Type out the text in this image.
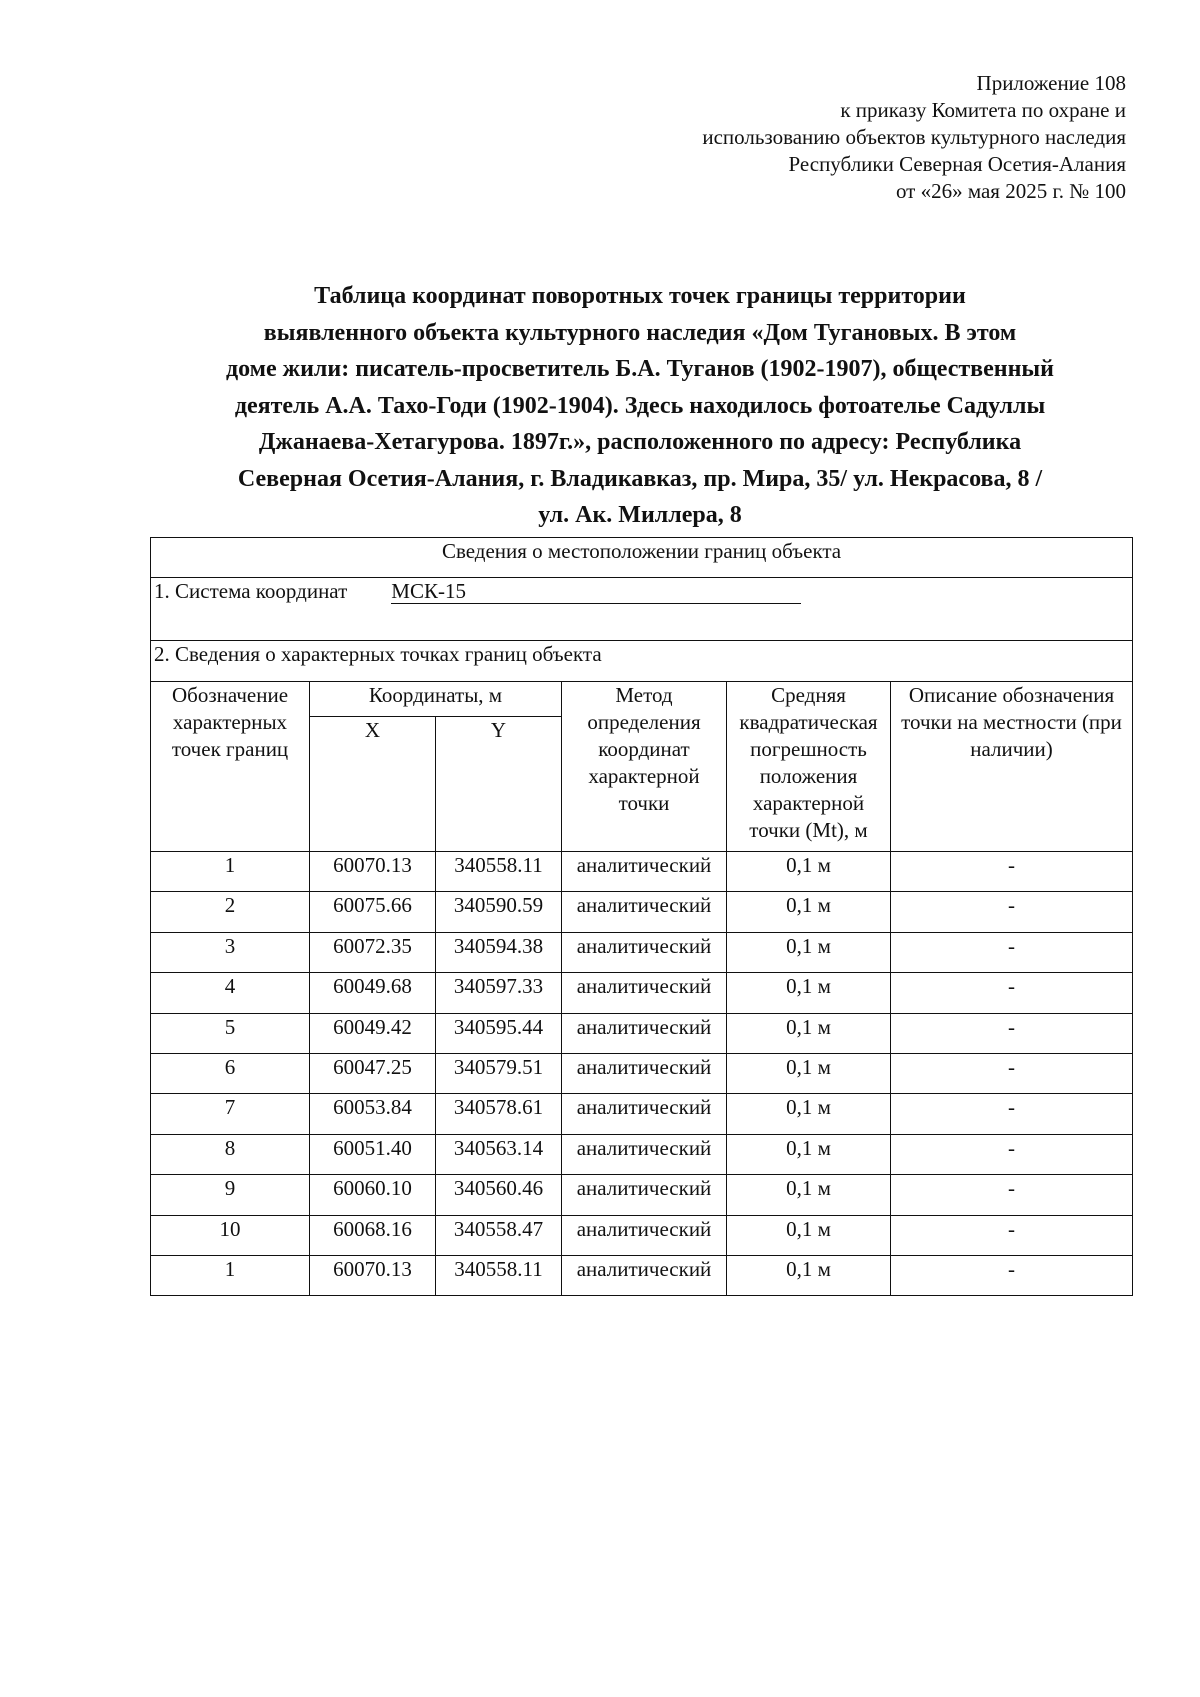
Приложение 108
к приказу Комитета по охране и
использованию объектов культурного наследия
Республики Северная Осетия-Алания
от «26» мая 2025 г. № 100
Таблица координат поворотных точек границы территории
выявленного объекта культурного наследия «Дом Тугановых. В этом
доме жили: писатель-просветитель Б.А. Туганов (1902-1907), общественный
деятель А.А. Тахо-Годи (1902-1904). Здесь находилось фотоателье Садуллы
Джанаева-Хетагурова. 1897г.», расположенного по адресу: Республика
Северная Осетия-Алания, г. Владикавказ, пр. Мира, 35/ ул. Некрасова, 8 /
ул. Ак. Миллера, 8
Сведения о местоположении границ объекта					
1. Система координат МСК-15					
2. Сведения о характерных точках границ объекта					
Обозначение характерных точек границ	Координаты, м		Метод определения координат характерной точки	Средняя квадратическая погрешность положения характерной точки (Mt), м	Описание обозначения точки на местности (при наличии)
	X	Y			
1	60070.13	340558.11	аналитический	0,1 м	-
2	60075.66	340590.59	аналитический	0,1 м	-
3	60072.35	340594.38	аналитический	0,1 м	-
4	60049.68	340597.33	аналитический	0,1 м	-
5	60049.42	340595.44	аналитический	0,1 м	-
6	60047.25	340579.51	аналитический	0,1 м	-
7	60053.84	340578.61	аналитический	0,1 м	-
8	60051.40	340563.14	аналитический	0,1 м	-
9	60060.10	340560.46	аналитический	0,1 м	-
10	60068.16	340558.47	аналитический	0,1 м	-
1	60070.13	340558.11	аналитический	0,1 м	-
